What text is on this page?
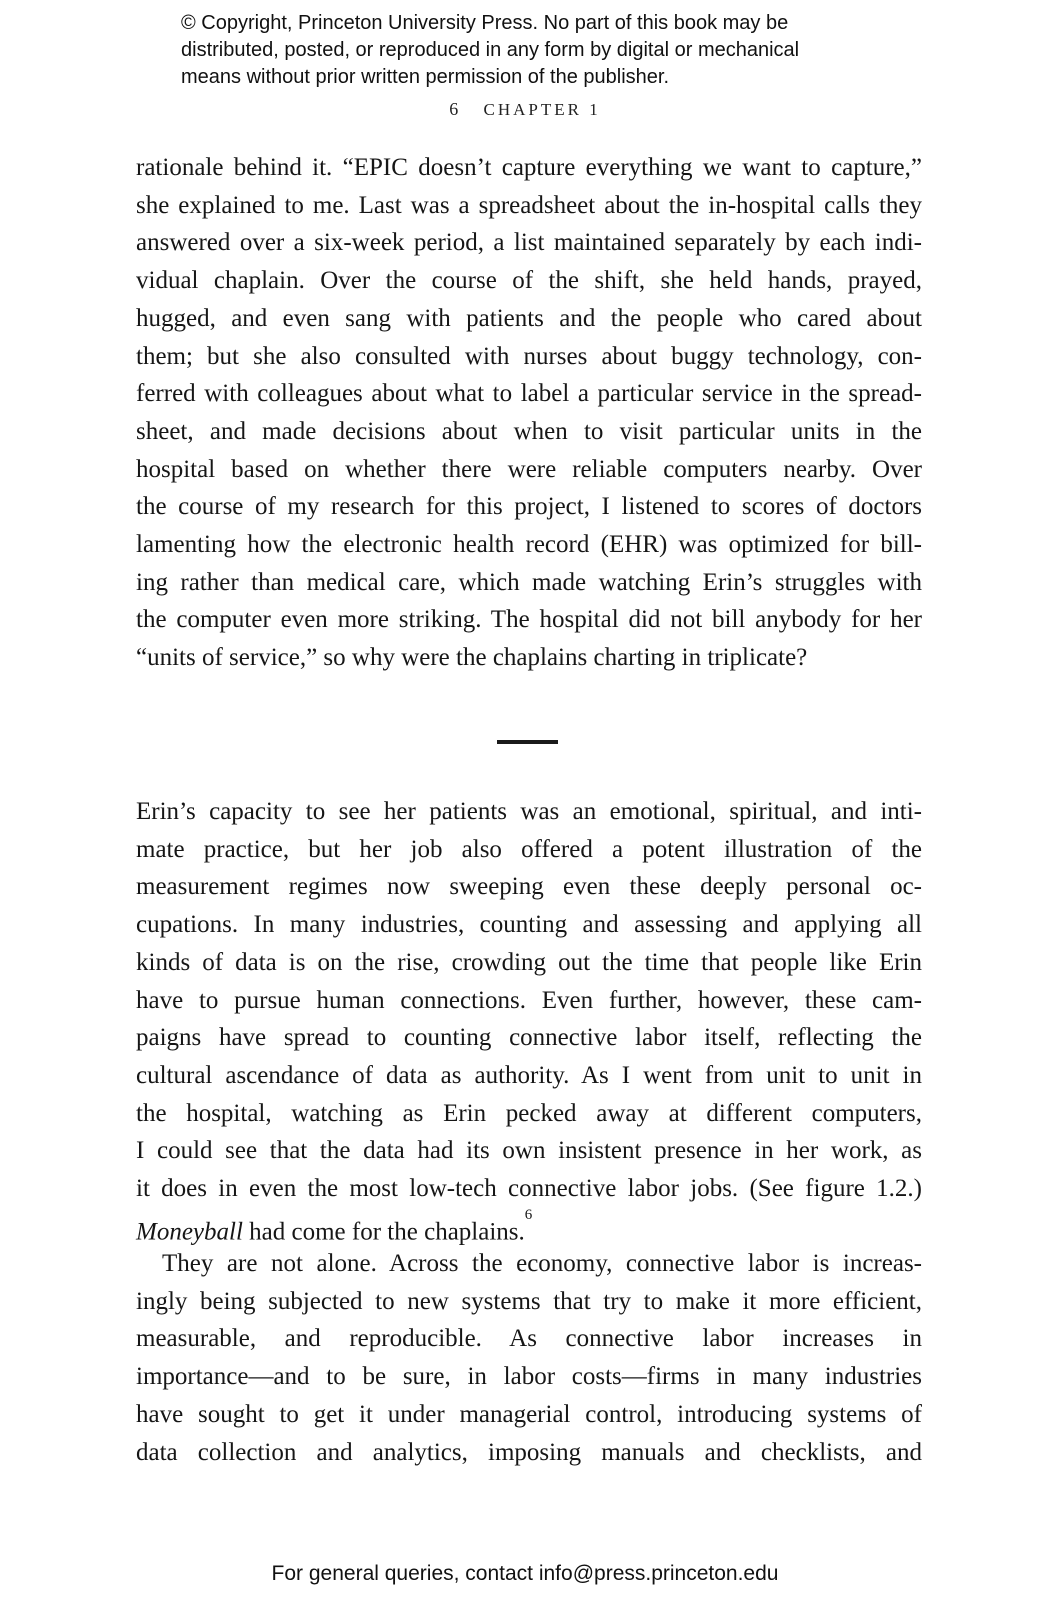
© Copyright, Princeton University Press. No part of this book may be
distributed, posted, or reproduced in any form by digital or mechanical
means without prior written permission of the publisher.
6 CHAPTER 1
rationale behind it. “EPIC doesn’t capture everything we want to capture,”
she explained to me. Last was a spreadsheet about the in-hospital calls they
answered over a six-week period, a list maintained separately by each indi-
vidual chaplain. Over the course of the shift, she held hands, prayed,
hugged, and even sang with patients and the people who cared about
them; but she also consulted with nurses about buggy technology, con-
ferred with colleagues about what to label a particular service in the spread-
sheet, and made decisions about when to visit particular units in the
hospital based on whether there were reliable computers nearby. Over
the course of my research for this project, I listened to scores of doctors
lamenting how the electronic health record (EHR) was optimized for bill-
ing rather than medical care, which made watching Erin’s struggles with
the computer even more striking. The hospital did not bill anybody for her
“units of service,” so why were the chaplains charting in triplicate?
Erin’s capacity to see her patients was an emotional, spiritual, and inti-
mate practice, but her job also offered a potent illustration of the
measurement regimes now sweeping even these deeply personal oc-
cupations. In many industries, counting and assessing and applying all
kinds of data is on the rise, crowding out the time that people like Erin
have to pursue human connections. Even further, however, these cam-
paigns have spread to counting connective labor itself, reflecting the
cultural ascendance of data as authority. As I went from unit to unit in
the hospital, watching as Erin pecked away at different computers,
I could see that the data had its own insistent presence in her work, as
it does in even the most low-tech connective labor jobs. (See figure 1.2.)
Moneyball had come for the chaplains.$^6$
They are not alone. Across the economy, connective labor is increas-
ingly being subjected to new systems that try to make it more efficient,
measurable, and reproducible. As connective labor increases in
importance—and to be sure, in labor costs—firms in many industries
have sought to get it under managerial control, introducing systems of
data collection and analytics, imposing manuals and checklists, and
For general queries, contact info@press.princeton.edu
